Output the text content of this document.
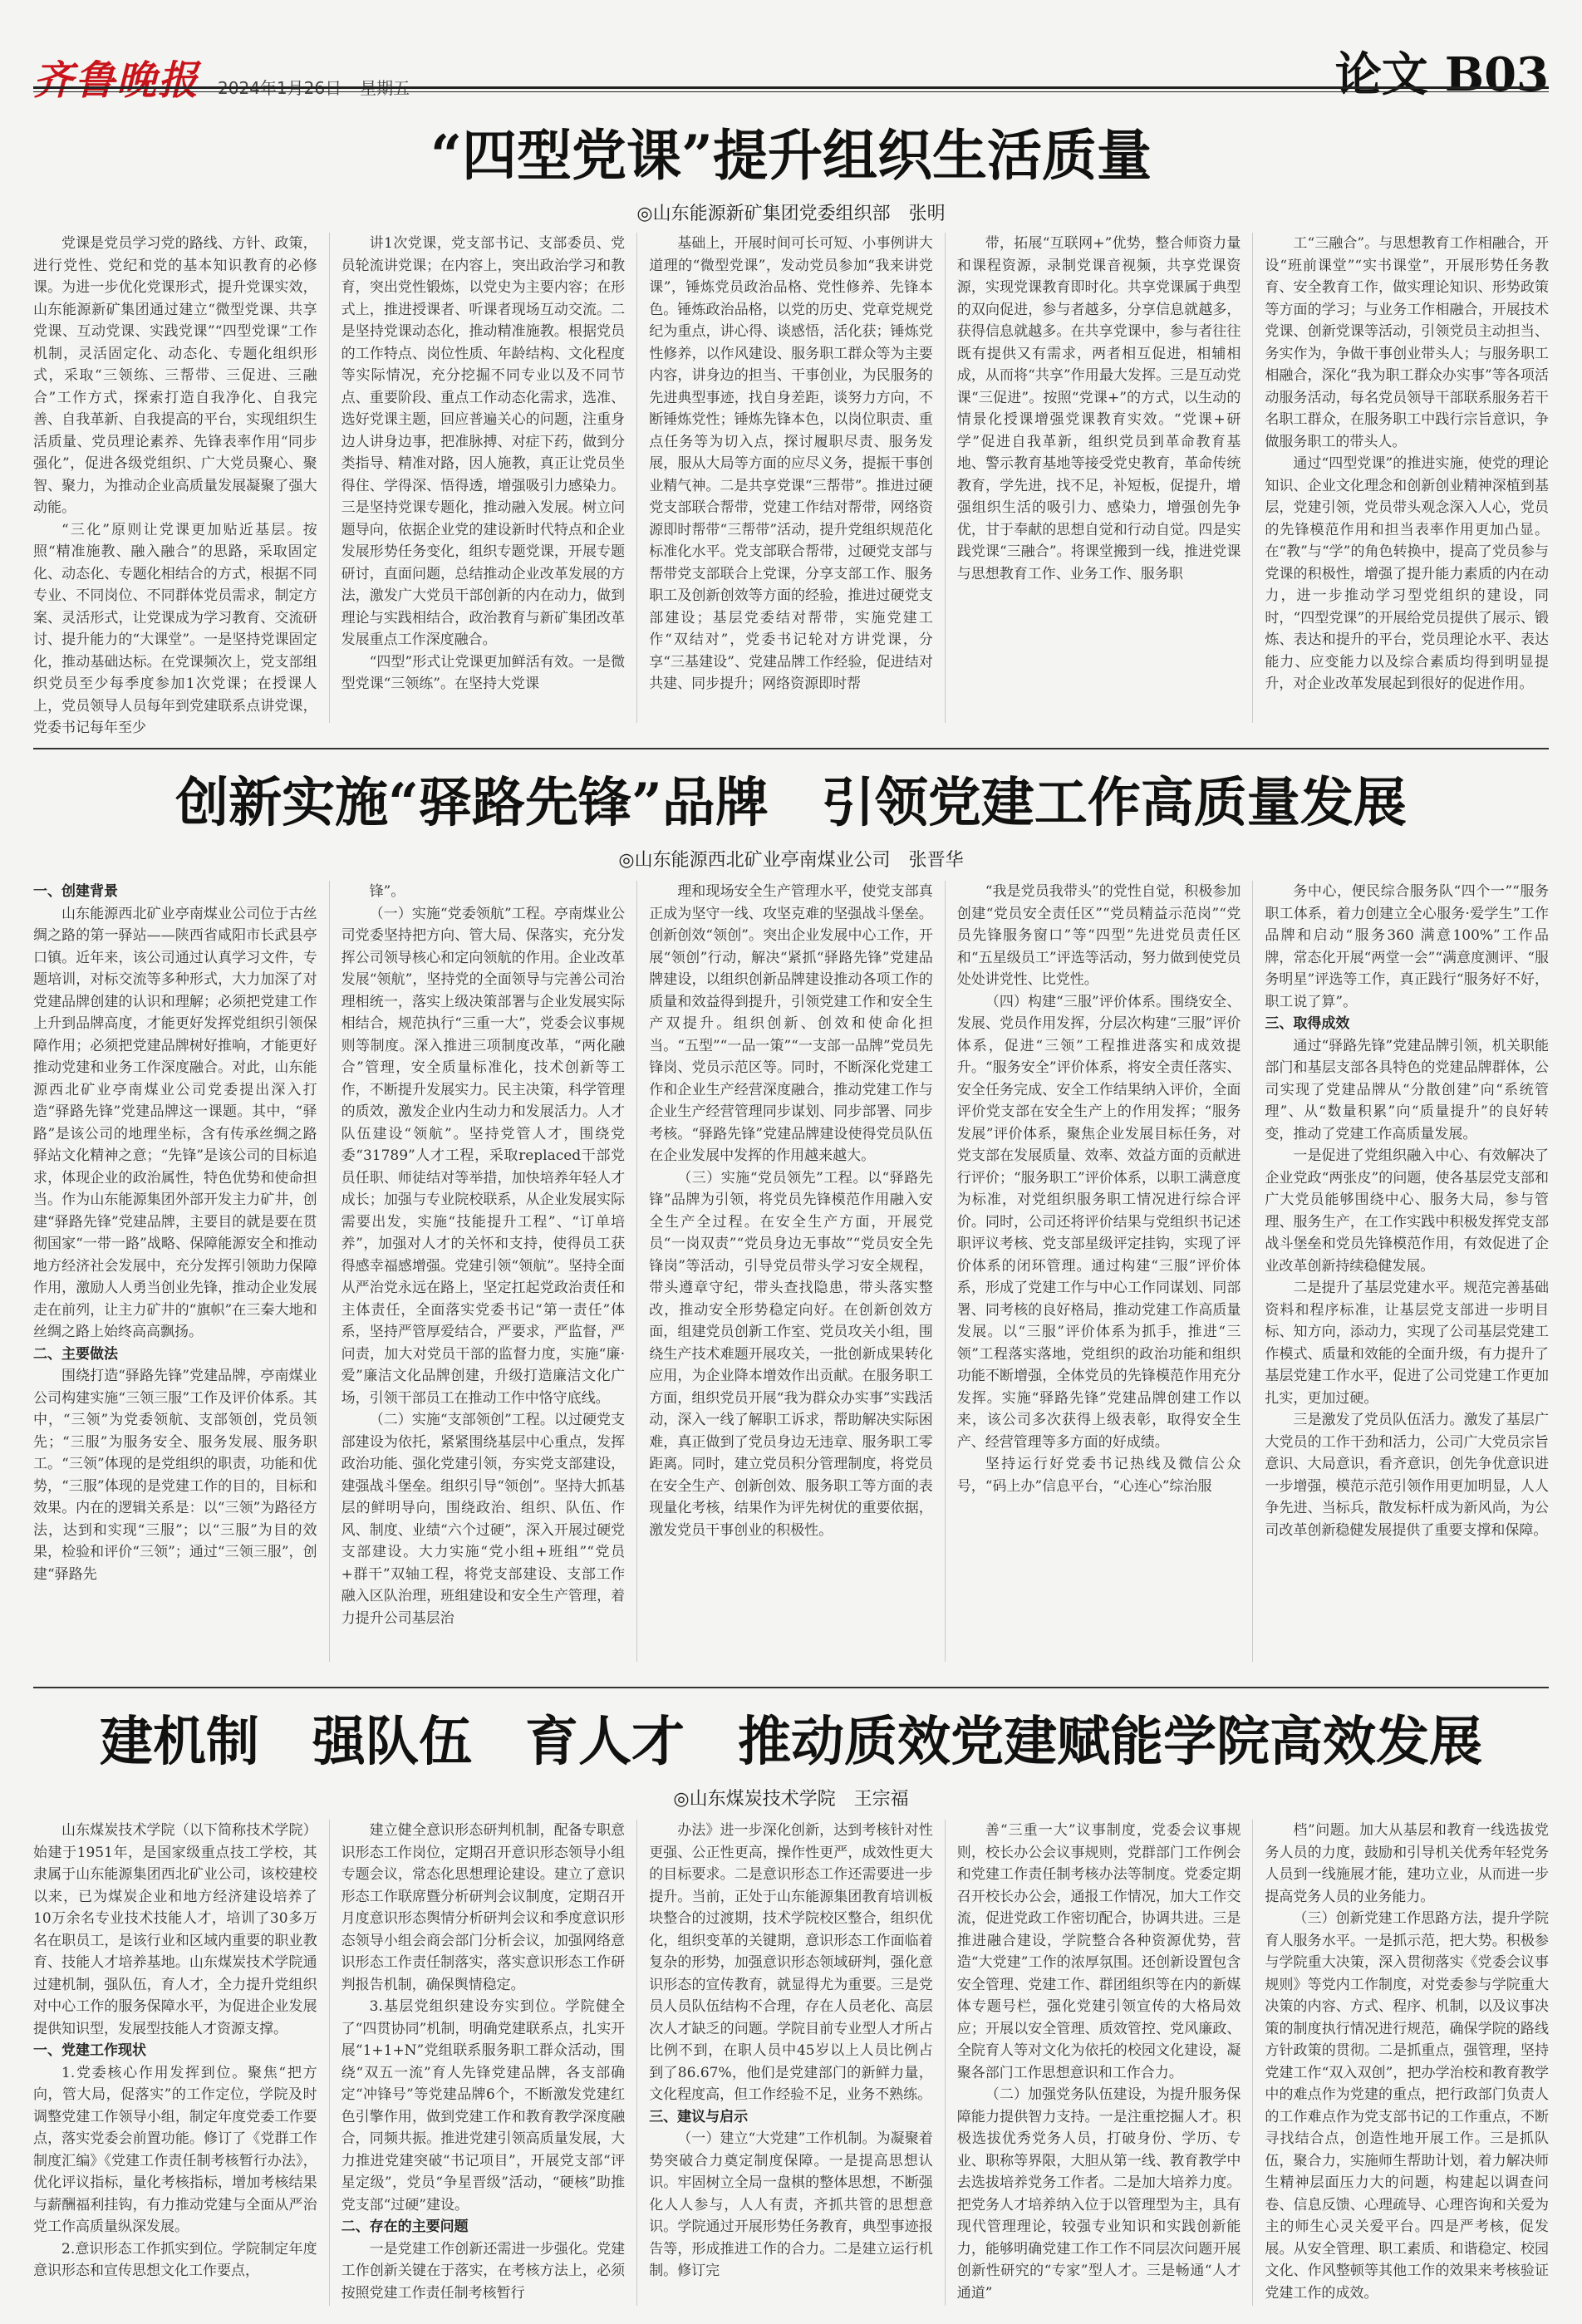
齐鲁晚报 2024年1月26日 星期五	论文 B03
“四型党课”提升组织生活质量
◎山东能源新矿集团党委组织部　张明

党课是党员学习党的路线、方针、政策，进行党性、党纪和党的基本知识教育的必修课。为进一步优化党课形式，提升党课实效，山东能源新矿集团通过建立“微型党课、共享党课、互动党课、实践党课”“四型党课”工作机制，灵活固定化、动态化、专题化组织形式，采取“三领练、三帮带、三促进、三融合”工作方式，探索打造自我净化、自我完善、自我革新、自我提高的平台，实现组织生活质量、党员理论素养、先锋表率作用“同步强化”，促进各级党组织、广大党员聚心、聚智、聚力，为推动企业高质量发展凝聚了强大动能。

“三化”原则让党课更加贴近基层。按照“精准施教、融入融合”的思路，采取固定化、动态化、专题化相结合的方式，根据不同专业、不同岗位、不同群体党员需求，制定方案、灵活形式，让党课成为学习教育、交流研讨、提升能力的“大课堂”。一是坚持党课固定化，推动基础达标。在党课频次上，党支部组织党员至少每季度参加1次党课；在授课人上，党员领导人员每年到党建联系点讲党课，党委书记每年至少

讲1次党课，党支部书记、支部委员、党员轮流讲党课；在内容上，突出政治学习和教育，突出党性锻炼，以党史为主要内容；在形式上，推进授课者、听课者现场互动交流。二是坚持党课动态化，推动精准施教。根据党员的工作特点、岗位性质、年龄结构、文化程度等实际情况，充分挖掘不同专业以及不同节点、重要阶段、重点工作动态化需求，选准、选好党课主题，回应普遍关心的问题，注重身边人讲身边事，把准脉搏、对症下药，做到分类指导、精准对路，因人施教，真正让党员坐得住、学得深、悟得透，增强吸引力感染力。三是坚持党课专题化，推动融入发展。树立问题导向，依据企业党的建设新时代特点和企业发展形势任务变化，组织专题党课，开展专题研讨，直面问题，总结推动企业改革发展的方法，激发广大党员干部创新的内在动力，做到理论与实践相结合，政治教育与新矿集团改革发展重点工作深度融合。

“四型”形式让党课更加鲜活有效。一是微型党课“三领练”。在坚持大党课

基础上，开展时间可长可短、小事例讲大道理的“微型党课”，发动党员参加“我来讲党课”，锤炼党员政治品格、党性修养、先锋本色。锤炼政治品格，以党的历史、党章党规党纪为重点，讲心得、谈感悟，活化获；锤炼党性修养，以作风建设、服务职工群众等为主要内容，讲身边的担当、干事创业，为民服务的先进典型事迹，找自身差距，谈努力方向，不断锤炼党性；锤炼先锋本色，以岗位职责、重点任务等为切入点，探讨履职尽责、服务发展，服从大局等方面的应尽义务，提振干事创业精气神。二是共享党课“三帮带”。推进过硬党支部联合帮带，党建工作结对帮带，网络资源即时帮带“三帮带”活动，提升党组织规范化标准化水平。党支部联合帮带，过硬党支部与帮带党支部联合上党课，分享支部工作、服务职工及创新创效等方面的经验，推进过硬党支部建设；基层党委结对帮带，实施党建工作“双结对”，党委书记轮对方讲党课，分享“三基建设”、党建品牌工作经验，促进结对共建、同步提升；网络资源即时帮

带，拓展“互联网+”优势，整合师资力量和课程资源，录制党课音视频，共享党课资源，实现党课教育即时化。共享党课属于典型的双向促进，参与者越多，分享信息就越多，获得信息就越多。在共享党课中，参与者往往既有提供又有需求，两者相互促进，相辅相成，从而将“共享”作用最大发挥。三是互动党课“三促进”。按照“党课+”的方式，以生动的情景化授课增强党课教育实效。“党课+研学”促进自我革新，组织党员到革命教育基地、警示教育基地等接受党史教育，革命传统教育，学先进，找不足，补短板，促提升，增强组织生活的吸引力、感染力，增强创先争优，甘于奉献的思想自觉和行动自觉。四是实践党课“三融合”。将课堂搬到一线，推进党课与思想教育工作、业务工作、服务职

工“三融合”。与思想教育工作相融合，开设“班前课堂”“实书课堂”，开展形势任务教育、安全教育工作，做实理论知识、形势政策等方面的学习；与业务工作相融合，开展技术党课、创新党课等活动，引领党员主动担当、务实作为，争做干事创业带头人；与服务职工相融合，深化“我为职工群众办实事”等各项活动服务活动，每名党员领导干部联系服务若干名职工群众，在服务职工中践行宗旨意识，争做服务职工的带头人。

通过“四型党课”的推进实施，使党的理论知识、企业文化理念和创新创业精神深植到基层，党建引领，党员带头观念深入人心，党员的先锋模范作用和担当表率作用更加凸显。在“教”与“学”的角色转换中，提高了党员参与党课的积极性，增强了提升能力素质的内在动力，进一步推动学习型党组织的建设，同时，“四型党课”的开展给党员提供了展示、锻炼、表达和提升的平台，党员理论水平、表达能力、应变能力以及综合素质均得到明显提升，对企业改革发展起到很好的促进作用。

创新实施“驿路先锋”品牌　引领党建工作高质量发展
◎山东能源西北矿业亭南煤业公司　张晋华

一、创建背景

山东能源西北矿业亭南煤业公司位于古丝绸之路的第一驿站——陕西省咸阳市长武县亭口镇。近年来，该公司通过认真学习文件，专题培训，对标交流等多种形式，大力加深了对党建品牌创建的认识和理解；必须把党建工作上升到品牌高度，才能更好发挥党组织引领保障作用；必须把党建品牌树好推响，才能更好推动党建和业务工作深度融合。对此，山东能源西北矿业亭南煤业公司党委提出深入打造“驿路先锋”党建品牌这一课题。其中，“驿路”是该公司的地理坐标，含有传承丝绸之路驿站文化精神之意；“先锋”是该公司的目标追求，体现企业的政治属性，特色优势和使命担当。作为山东能源集团外部开发主力矿井，创建“驿路先锋”党建品牌，主要目的就是要在贯彻国家“一带一路”战略、保障能源安全和推动地方经济社会发展中，充分发挥引领助力保障作用，激励人人勇当创业先锋，推动企业发展走在前列，让主力矿井的“旗帜”在三秦大地和丝绸之路上始终高高飘扬。

二、主要做法

围绕打造“驿路先锋”党建品牌，亭南煤业公司构建实施“三领三服”工作及评价体系。其中，“三领”为党委领航、支部领创，党员领先；“三服”为服务安全、服务发展、服务职工。“三领”体现的是党组织的职责，功能和优势，“三服”体现的是党建工作的目的，目标和效果。内在的逻辑关系是：以“三领”为路径方法，达到和实现“三服”；以“三服”为目的效果，检验和评价“三领”；通过“三领三服”，创建“驿路先

锋”。

（一）实施“党委领航”工程。亭南煤业公司党委坚持把方向、管大局、保落实，充分发挥公司领导核心和定向领航的作用。企业改革发展“领航”，坚持党的全面领导与完善公司治理相统一，落实上级决策部署与企业发展实际相结合，规范执行“三重一大”，党委会议事规则等制度。深入推进三项制度改革，“两化融合”管理，安全质量标准化，技术创新等工作，不断提升发展实力。民主决策，科学管理的质效，激发企业内生动力和发展活力。人才队伍建设“领航”。坚持党管人才，围绕党委“31789”人才工程，采取replaced干部党员任职、师徒结对等举措，加快培养年轻人才成长；加强与专业院校联系，从企业发展实际需要出发，实施“技能提升工程”、“订单培养”，加强对人才的关怀和支持，使得员工获得感幸福感增强。党建引领“领航”。坚持全面从严治党永远在路上，坚定扛起党政治责任和主体责任，全面落实党委书记“第一责任”体系，坚持严管厚爱结合，严要求，严监督，严问责，加大对党员干部的监督力度，实施“廉·爱”廉洁文化品牌创建，升级打造廉洁文化广场，引领干部员工在推动工作中恪守底线。

（二）实施“支部领创”工程。以过硬党支部建设为依托，紧紧围绕基层中心重点，发挥政治功能、强化党建引领，夯实党支部建设，建强战斗堡垒。组织引导“领创”。坚持大抓基层的鲜明导向，围绕政治、组织、队伍、作风、制度、业绩“六个过硬”，深入开展过硬党支部建设。大力实施“党小组+班组”“党员+群干”双轴工程，将党支部建设、支部工作融入区队治理，班组建设和安全生产管理，着力提升公司基层治

理和现场安全生产管理水平，使党支部真正成为坚守一线、攻坚克难的坚强战斗堡垒。创新创效“领创”。突出企业发展中心工作，开展“领创”行动，解决“紧抓“驿路先锋”党建品牌建设，以组织创新品牌建设推动各项工作的质量和效益得到提升，引领党建工作和安全生产双提升。组织创新、创效和使命化担当。“五型”“一品一策”“一支部一品牌”党员先锋岗、党员示范区等。同时，不断深化党建工作和企业生产经营深度融合，推动党建工作与企业生产经营管理同步谋划、同步部署、同步考核。“驿路先锋”党建品牌建设使得党员队伍在企业发展中发挥的作用越来越大。

（三）实施“党员领先”工程。以“驿路先锋”品牌为引领，将党员先锋模范作用融入安全生产全过程。在安全生产方面，开展党员“一岗双责”“党员身边无事故”“党员安全先锋岗”等活动，引导党员带头学习安全规程，带头遵章守纪，带头查找隐患，带头落实整改，推动安全形势稳定向好。在创新创效方面，组建党员创新工作室、党员攻关小组，围绕生产技术难题开展攻关，一批创新成果转化应用，为企业降本增效作出贡献。在服务职工方面，组织党员开展“我为群众办实事”实践活动，深入一线了解职工诉求，帮助解决实际困难，真正做到了党员身边无违章、服务职工零距离。同时，建立党员积分管理制度，将党员在安全生产、创新创效、服务职工等方面的表现量化考核，结果作为评先树优的重要依据，激发党员干事创业的积极性。

“我是党员我带头”的党性自觉，积极参加创建“党员安全责任区”“党员精益示范岗”“党员先锋服务窗口”等“四型”先进党员责任区和“五星级员工”评选等活动，努力做到使党员处处讲党性、比党性。

（四）构建“三服”评价体系。围绕安全、发展、党员作用发挥，分层次构建“三服”评价体系，促进“三领”工程推进落实和成效提升。“服务安全”评价体系，将安全责任落实、安全任务完成、安全工作结果纳入评价，全面评价党支部在安全生产上的作用发挥；“服务发展”评价体系，聚焦企业发展目标任务，对党支部在发展质量、效率、效益方面的贡献进行评价；“服务职工”评价体系，以职工满意度为标准，对党组织服务职工情况进行综合评价。同时，公司还将评价结果与党组织书记述职评议考核、党支部星级评定挂钩，实现了评价体系的闭环管理。通过构建“三服”评价体系，形成了党建工作与中心工作同谋划、同部署、同考核的良好格局，推动党建工作高质量发展。以“三服”评价体系为抓手，推进“三领”工程落实落地，党组织的政治功能和组织功能不断增强，全体党员的先锋模范作用充分发挥。实施“驿路先锋”党建品牌创建工作以来，该公司多次获得上级表彰，取得安全生产、经营管理等多方面的好成绩。

坚持运行好党委书记热线及微信公众号，“码上办”信息平台，“心连心”综治服

务中心，便民综合服务队“四个一”“服务职工体系，着力创建立全心服务·爱学生”工作品牌和启动“服务360 满意100%”工作品牌，常态化开展“两堂一会”“满意度测评、“服务明星”评选等工作，真正践行“服务好不好，职工说了算”。

三、取得成效

通过“驿路先锋”党建品牌引领，机关职能部门和基层支部各具特色的党建品牌群体，公司实现了党建品牌从“分散创建”向“系统管理”、从“数量积累”向“质量提升”的良好转变，推动了党建工作高质量发展。

一是促进了党组织融入中心、有效解决了企业党政“两张皮”的问题，使各基层党支部和广大党员能够围绕中心、服务大局，参与管理、服务生产，在工作实践中积极发挥党支部战斗堡垒和党员先锋模范作用，有效促进了企业改革创新持续稳健发展。

二是提升了基层党建水平。规范完善基础资料和程序标准，让基层党支部进一步明目标、知方向，添动力，实现了公司基层党建工作模式、质量和效能的全面升级，有力提升了基层党建工作水平，促进了公司党建工作更加扎实，更加过硬。

三是激发了党员队伍活力。激发了基层广大党员的工作干劲和活力，公司广大党员宗旨意识、大局意识，看齐意识，创先争优意识进一步增强，模范示范引领作用更加明显，人人争先进、当标兵，散发标杆成为新风尚，为公司改革创新稳健发展提供了重要支撑和保障。

建机制　强队伍　育人才　推动质效党建赋能学院高效发展
◎山东煤炭技术学院　王宗福

山东煤炭技术学院（以下简称技术学院）始建于1951年，是国家级重点技工学校，其隶属于山东能源集团西北矿业公司，该校建校以来，已为煤炭企业和地方经济建设培养了10万余名专业技术技能人才，培训了30多万名在职员工，是该行业和区域内重要的职业教育、技能人才培养基地。山东煤炭技术学院通过建机制，强队伍，育人才，全力提升党组织对中心工作的服务保障水平，为促进企业发展提供知识型，发展型技能人才资源支撑。

一、党建工作现状

1.党委核心作用发挥到位。聚焦“把方向，管大局，促落实”的工作定位，学院及时调整党建工作领导小组，制定年度党委工作要点，落实党委会前置功能。修订了《党群工作制度汇编》《党建工作责任制考核暂行办法》，优化评议指标，量化考核指标，增加考核结果与薪酬福利挂钩，有力推动党建与全面从严治党工作高质量纵深发展。

2.意识形态工作抓实到位。学院制定年度意识形态和宣传思想文化工作要点，

建立健全意识形态研判机制，配备专职意识形态工作岗位，定期召开意识形态领导小组专题会议，常态化思想理论建设。建立了意识形态工作联席暨分析研判会议制度，定期召开月度意识形态舆情分析研判会议和季度意识形态领导小组会商会部门分析会议，加强网络意识形态工作责任制落实，落实意识形态工作研判报告机制，确保舆情稳定。

3.基层党组织建设夯实到位。学院健全了“四贯协同”机制，明确党建联系点，扎实开展“1+1+N”党组联系服务职工群众活动，围绕“双五一流”育人先锋党建品牌，各支部确定“冲锋号”等党建品牌6个，不断激发党建红色引擎作用，做到党建工作和教育教学深度融合，同频共振。推进党建引领高质量发展，大力推进党建突破“书记项目”，开展党支部“评星定级”，党员“争星晋级”活动，“硬核”助推党支部“过硬”建设。

二、存在的主要问题

一是党建工作创新还需进一步强化。党建工作创新关键在于落实，在考核方法上，必须按照党建工作责任制考核暂行

办法》进一步深化创新，达到考核针对性更强、公正性更高，操作性更严，成效性更大的目标要求。二是意识形态工作还需要进一步提升。当前，正处于山东能源集团教育培训板块整合的过渡期，技术学院校区整合，组织优化，组织变革的关键期，意识形态工作面临着复杂的形势，加强意识形态领域研判，强化意识形态的宣传教育，就显得尤为重要。三是党员人员队伍结构不合理，存在人员老化、高层次人才缺乏的问题。学院目前专业型人才所占比例不到，在职人员中45岁以上人员比例占到了86.67%，他们是党建部门的新鲜力量，文化程度高，但工作经验不足，业务不熟练。

三、建议与启示

（一）建立“大党建”工作机制。为凝聚着势突破合力奠定制度保障。一是提高思想认识。牢固树立全局一盘棋的整体思想，不断强化人人参与，人人有责，齐抓共管的思想意识。学院通过开展形势任务教育，典型事迹报告等，形成推进工作的合力。二是建立运行机制。修订完

善“三重一大”议事制度，党委会议事规则，校长办公会议事规则，党群部门工作例会和党建工作责任制考核办法等制度。党委定期召开校长办公会，通报工作情况，加大工作交流，促进党政工作密切配合，协调共进。三是推进融合建设，学院整合各种资源优势，营造“大党建”工作的浓厚氛围。还创新设置包含安全管理、党建工作、群团组织等在内的新媒体专题号栏，强化党建引领宣传的大格局效应；开展以安全管理、质效管控、党风廉政、全院育人等对文化为依托的校园文化建设，凝聚各部门工作思想意识和工作合力。

（二）加强党务队伍建设，为提升服务保障能力提供智力支持。一是注重挖掘人才。积极选拔优秀党务人员，打破身份、学历、专业、职称等界限，大胆从第一线、教育教学中去选拔培养党务工作者。二是加大培养力度。把党务人才培养纳入位于以管理型为主，具有现代管理理论，较强专业知识和实践创新能力，能够明确党建工作工作不同层次问题开展创新性研究的“专家”型人才。三是畅通“人才通道”

档”问题。加大从基层和教育一线选拔党务人员的力度，鼓励和引导机关优秀年轻党务人员到一线施展才能，建功立业，从而进一步提高党务人员的业务能力。

（三）创新党建工作思路方法，提升学院育人服务水平。一是抓示范，把大势。积极参与学院重大决策，深入贯彻落实《党委会议事规则》等党内工作制度，对党委参与学院重大决策的内容、方式、程序、机制，以及议事决策的制度执行情况进行规范，确保学院的路线方针政策的贯彻。二是抓重点，强管理，坚持党建工作“双入双创”，把办学治校和教育教学中的难点作为党建的重点，把行政部门负责人的工作难点作为党支部书记的工作重点，不断寻找结合点，创造性地开展工作。三是抓队伍，聚合力，实施师生帮助计划，着力解决师生精神层面压力大的问题，构建起以调查问卷、信息反馈、心理疏导、心理咨询和关爱为主的师生心灵关爱平台。四是严考核，促发展。从安全管理、职工素质、和谐稳定、校园文化、作风整顿等其他工作的效果来考核验证党建工作的成效。
